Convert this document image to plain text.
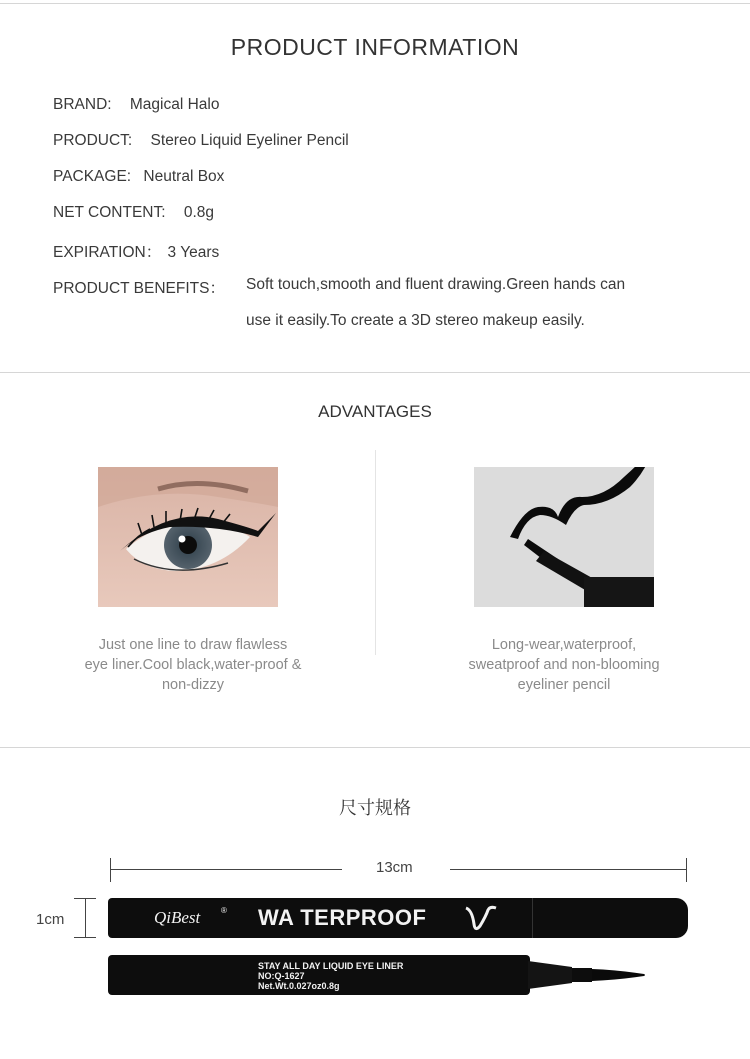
PRODUCT INFORMATION
BRAND: Magical Halo
PRODUCT: Stereo Liquid Eyeliner Pencil
PACKAGE: Neutral Box
NET CONTENT: 0.8g
EXPIRATION： 3 Years
PRODUCT BENEFITS： Soft touch,smooth and fluent drawing.Green hands can
use it easily.To create a 3D stereo makeup easily.
ADVANTAGES
Just one line to draw flawless
eye liner.Cool black,water-proof &
non-dizzy
Long-wear,waterproof,
sweatproof and non-blooming
eyeliner pencil
尺寸规格
13cm
1cm	QiBest	® WA TERPROOF
STAY ALL DAY LIQUID EYE LINER
NO:Q-1627
Net.Wt.0.027oz0.8g
